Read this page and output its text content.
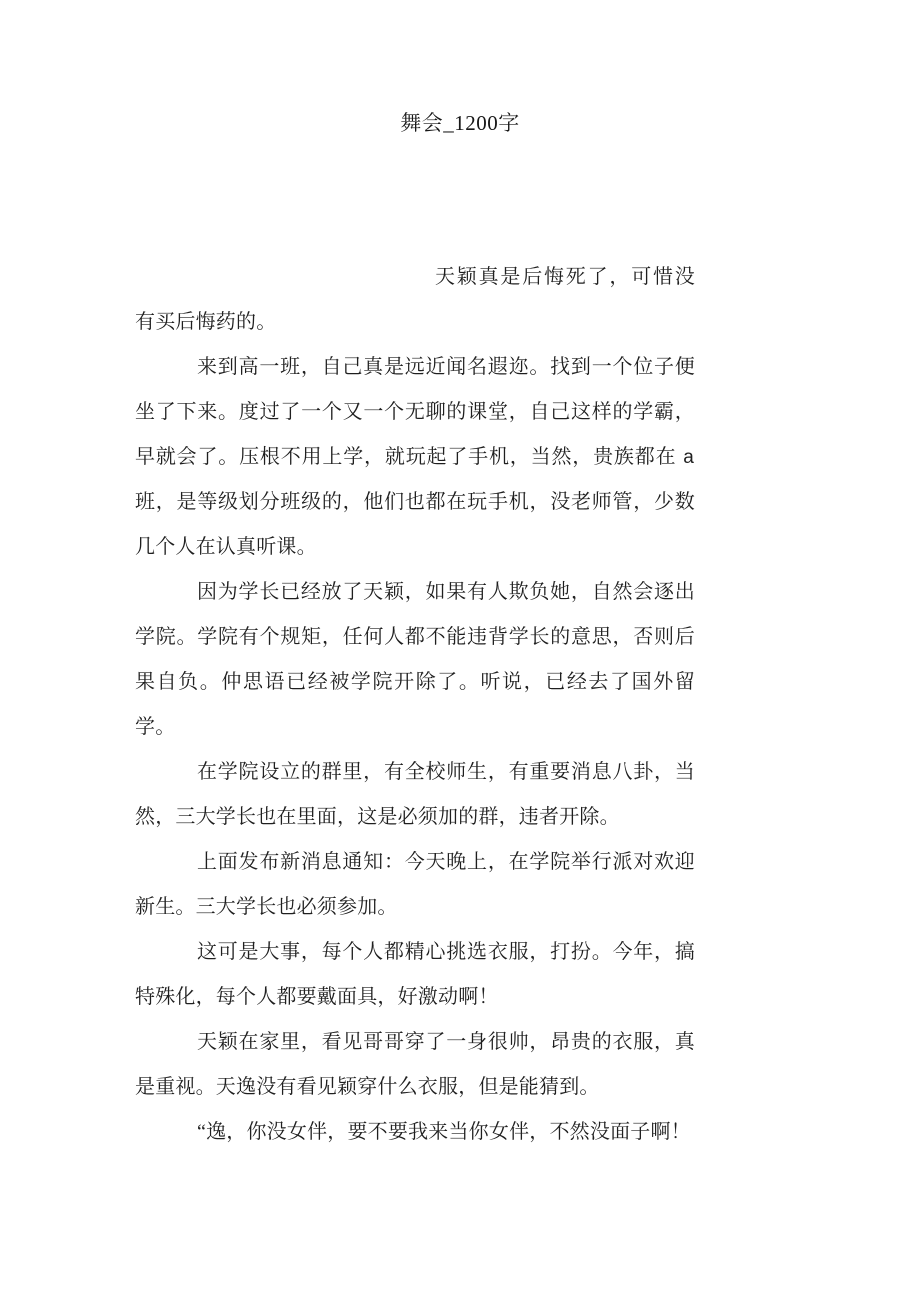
舞会_1200字

天颖真是后悔死了，可惜没有买后悔药的。

来到高一班，自己真是远近闻名遐迩。找到一个位子便坐了下来。度过了一个又一个无聊的课堂，自己这样的学霸，早就会了。压根不用上学，就玩起了手机，当然，贵族都在 a 班，是等级划分班级的，他们也都在玩手机，没老师管，少数几个人在认真听课。

因为学长已经放了天颖，如果有人欺负她，自然会逐出学院。学院有个规矩，任何人都不能违背学长的意思，否则后果自负。仲思语已经被学院开除了。听说，已经去了国外留学。

在学院设立的群里，有全校师生，有重要消息八卦，当然，三大学长也在里面，这是必须加的群，违者开除。

上面发布新消息通知：今天晚上，在学院举行派对欢迎新生。三大学长也必须参加。

这可是大事，每个人都精心挑选衣服，打扮。今年，搞特殊化，每个人都要戴面具，好激动啊！

天颖在家里，看见哥哥穿了一身很帅，昂贵的衣服，真是重视。天逸没有看见颖穿什么衣服，但是能猜到。

“逸，你没女伴，要不要我来当你女伴，不然没面子啊！
